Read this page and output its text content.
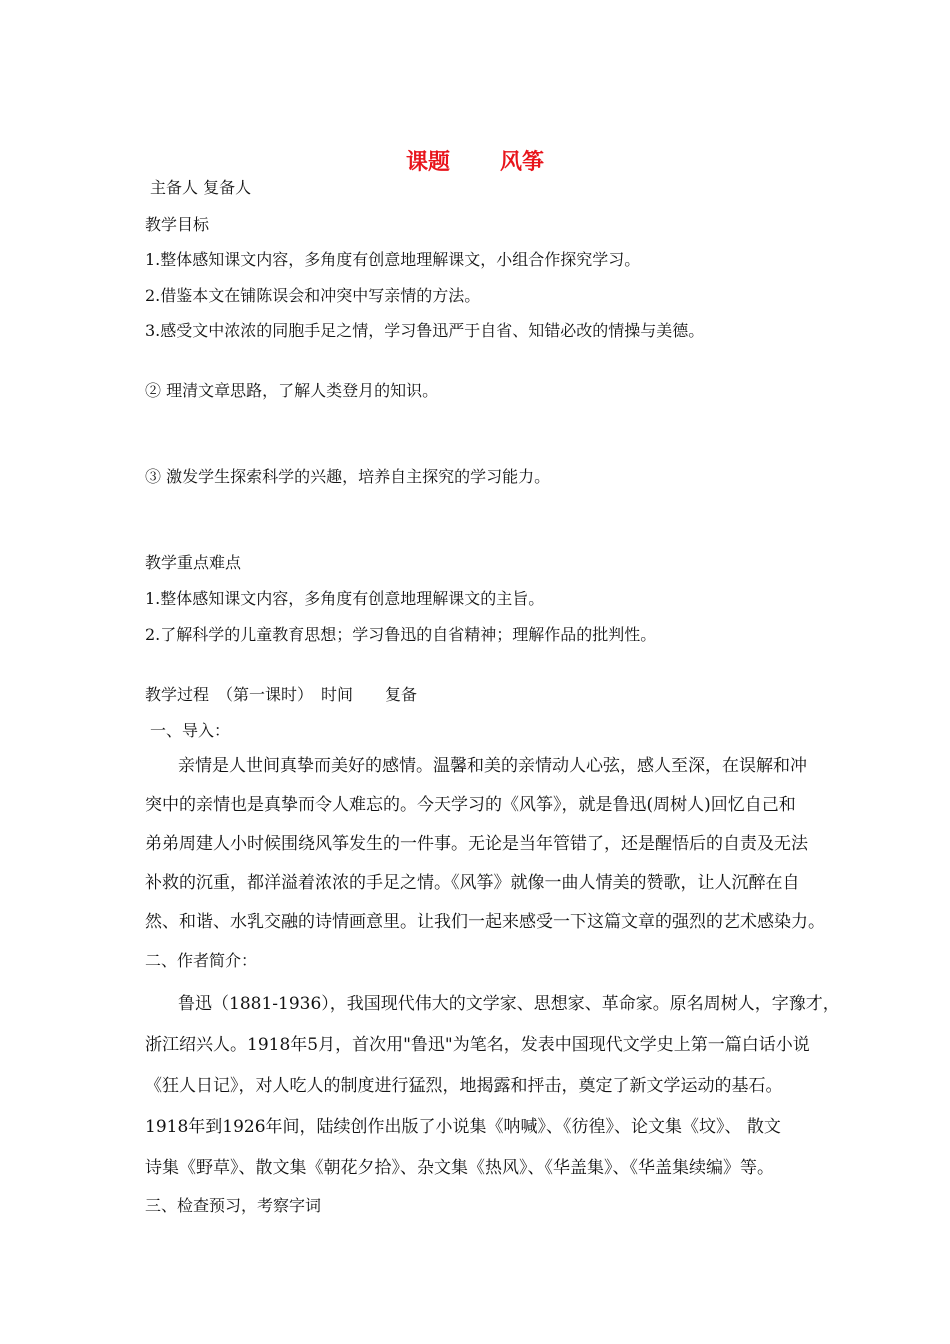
课题 风筝
主备人 复备人
教学目标
1.整体感知课文内容，多角度有创意地理解课文，小组合作探究学习。
2.借鉴本文在铺陈误会和冲突中写亲情的方法。
3.感受文中浓浓的同胞手足之情，学习鲁迅严于自省、知错必改的情操与美德。
② 理清文章思路，了解人类登月的知识。
③ 激发学生探索科学的兴趣，培养自主探究的学习能力。
教学重点难点
1.整体感知课文内容，多角度有创意地理解课文的主旨。
2.了解科学的儿童教育思想；学习鲁迅的自省精神；理解作品的批判性。
教学过程　（第一课时）　时间　　复备
一、导入：
亲情是人世间真挚而美好的感情。温馨和美的亲情动人心弦，感人至深，在误解和冲
突中的亲情也是真挚而令人难忘的。今天学习的《风筝》，就是鲁迅(周树人)回忆自己和
弟弟周建人小时候围绕风筝发生的一件事。无论是当年管错了，还是醒悟后的自责及无法
补救的沉重，都洋溢着浓浓的手足之情。《风筝》就像一曲人情美的赞歌，让人沉醉在自
然、和谐、水乳交融的诗情画意里。让我们一起来感受一下这篇文章的强烈的艺术感染力。
二、作者简介：
鲁迅（1881-1936），我国现代伟大的文学家、思想家、革命家。原名周树人，字豫才，
浙江绍兴人。1918年5月，首次用"鲁迅"为笔名，发表中国现代文学史上第一篇白话小说
《狂人日记》，对人吃人的制度进行猛烈，地揭露和抨击，奠定了新文学运动的基石。
1918年到1926年间，陆续创作出版了小说集《呐喊》、《彷徨》、论文集《坟》、 散文
诗集《野草》、散文集《朝花夕拾》、杂文集《热风》、《华盖集》、《华盖集续编》等。
三、检查预习，考察字词
